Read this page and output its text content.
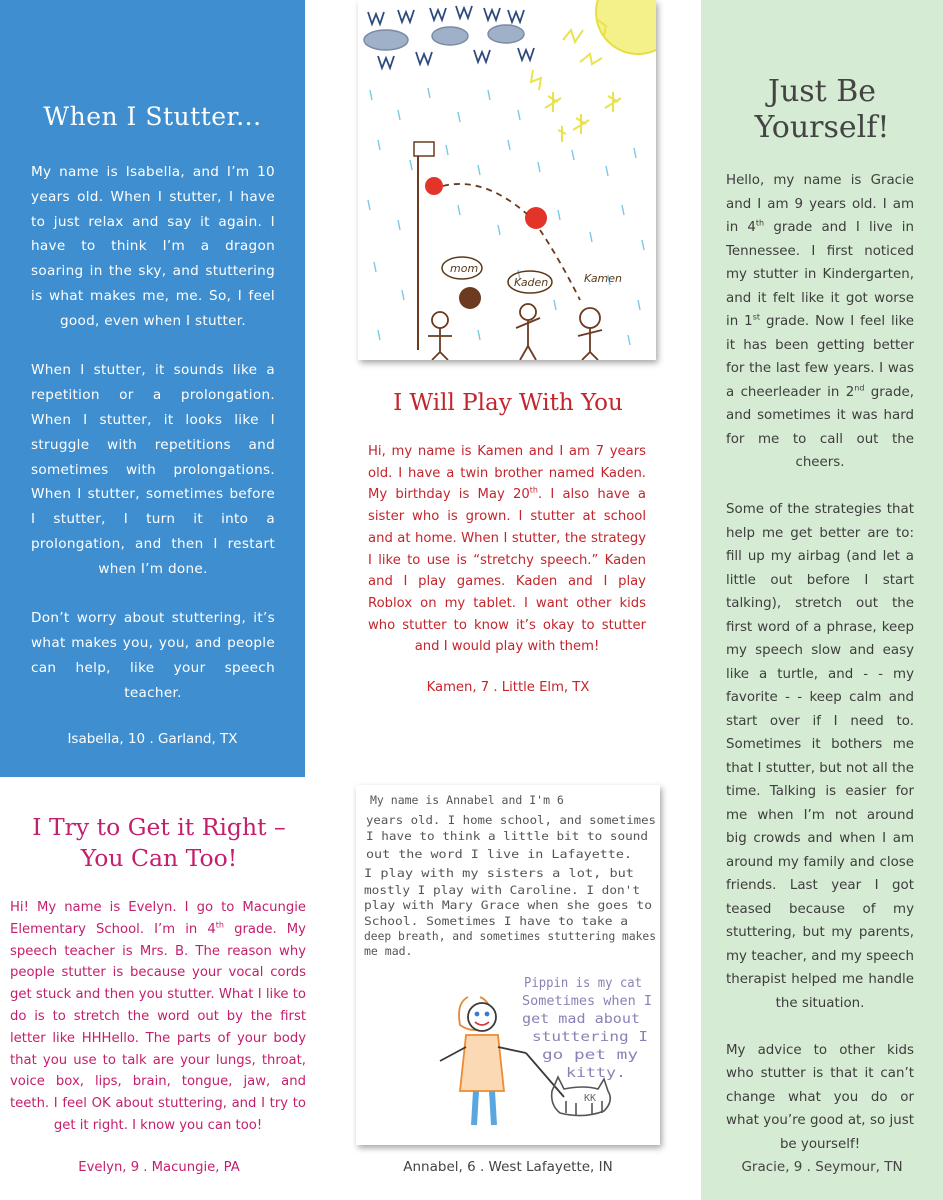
When I Stutter...

My name is Isabella, and I’m 10 years old. When I stutter, I have to just relax and say it again. I have to think I’m a dragon soaring in the sky, and stuttering is what makes me, me. So, I feel good, even when I stutter.

When I stutter, it sounds like a repetition or a prolongation. When I stutter, it looks like I struggle with repetitions and sometimes with prolongations. When I stutter, sometimes before I stutter, I turn it into a prolongation, and then I restart when I’m done.

Don’t worry about stuttering, it’s what makes you, you, and people can help, like your speech teacher.

Isabella, 10 . Garland, TX
mom
Kaden	Kamen
I Will Play With You
Hi, my name is Kamen and I am 7 years old. I have a twin brother named Kaden. My birthday is May 20th. I also have a sister who is grown. I stutter at school and at home. When I stutter, the strategy I like to use is “stretchy speech.” Kaden and I play games. Kaden and I play Roblox on my tablet. I want other kids who stutter to know it’s okay to stutter and I would play with them!
Kamen, 7 . Little Elm, TX
My name is Annabel and I'm 6
years old. I home school, and sometimes
I have to think a little bit to sound
out the word I live in Lafayette.
I play with my sisters a lot, but
mostly I play with Caroline. I don't
play with Mary Grace when she goes to
School. Sometimes I have to take a
deep breath, and sometimes stuttering makes
me mad.
Pippin is my cat
Sometimes when I
get mad about
stuttering I
go pet my
kitty.
KK
Annabel, 6 . West Lafayette, IN
I Try to Get it Right –
You Can Too!
Hi! My name is Evelyn. I go to Macungie Elementary School. I’m in 4th grade. My speech teacher is Mrs. B. The reason why people stutter is because your vocal cords get stuck and then you stutter. What I like to do is to stretch the word out by the first letter like HHHello. The parts of your body that you use to talk are your lungs, throat, voice box, lips, brain, tongue, jaw, and teeth. I feel OK about stuttering, and I try to get it right. I know you can too!
Evelyn, 9 . Macungie, PA
Just Be
Yourself!

Hello, my name is Gracie and I am 9 years old. I am in 4th grade and I live in Tennessee. I first noticed my stutter in Kindergarten, and it felt like it got worse in 1st grade. Now I feel like it has been getting better for the last few years. I was a cheerleader in 2nd grade, and sometimes it was hard for me to call out the cheers.

Some of the strategies that help me get better are to: fill up my airbag (and let a little out before I start talking), stretch out the first word of a phrase, keep my speech slow and easy like a turtle, and - - my favorite - - keep calm and start over if I need to. Sometimes it bothers me that I stutter, but not all the time. Talking is easier for me when I’m not around big crowds and when I am around my family and close friends. Last year I got teased because of my stuttering, but my parents, my teacher, and my speech therapist helped me handle the situation.

My advice to other kids who stutter is that it can’t change what you do or what you’re good at, so just be yourself!

Gracie, 9 . Seymour, TN
